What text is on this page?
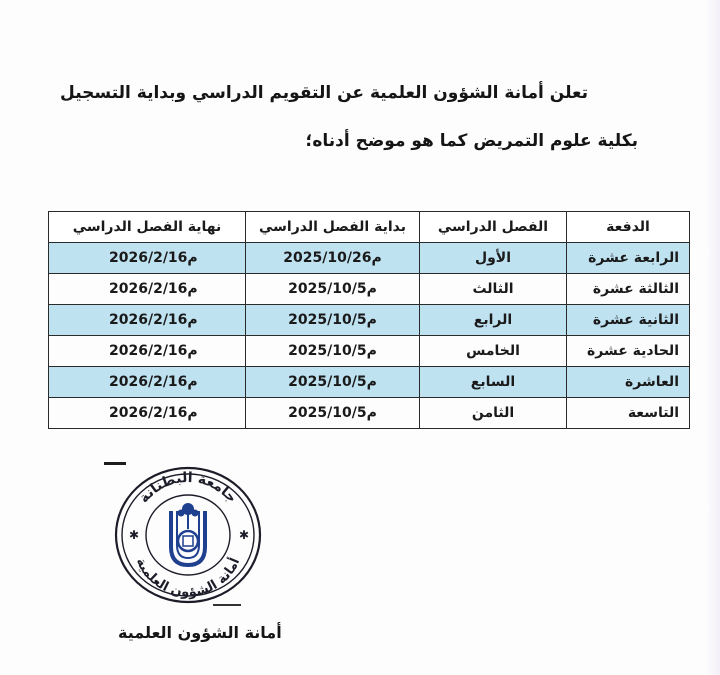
تعلن أمانة الشؤون العلمية عن التقويم الدراسي وبداية التسجيل
بكلية علوم التمريض كما هو موضح أدناه؛
الدفعة	الفصل الدراسي	بداية الفصل الدراسي	نهاية الفصل الدراسي
الرابعة عشرة	الأول	2025/10/26م	2026/2/16م
الثالثة عشرة	الثالث	2025/10/5م	2026/2/16م
الثانية عشرة	الرابع	2025/10/5م	2026/2/16م
الحادية عشرة	الخامس	2025/10/5م	2026/2/16م
العاشرة	السابع	2025/10/5م	2026/2/16م
التاسعة	الثامن	2025/10/5م	2026/2/16م
جامعة البطنانة
أمانة الشؤون العلمية
✱	✱
أمانة الشؤون العلمية
